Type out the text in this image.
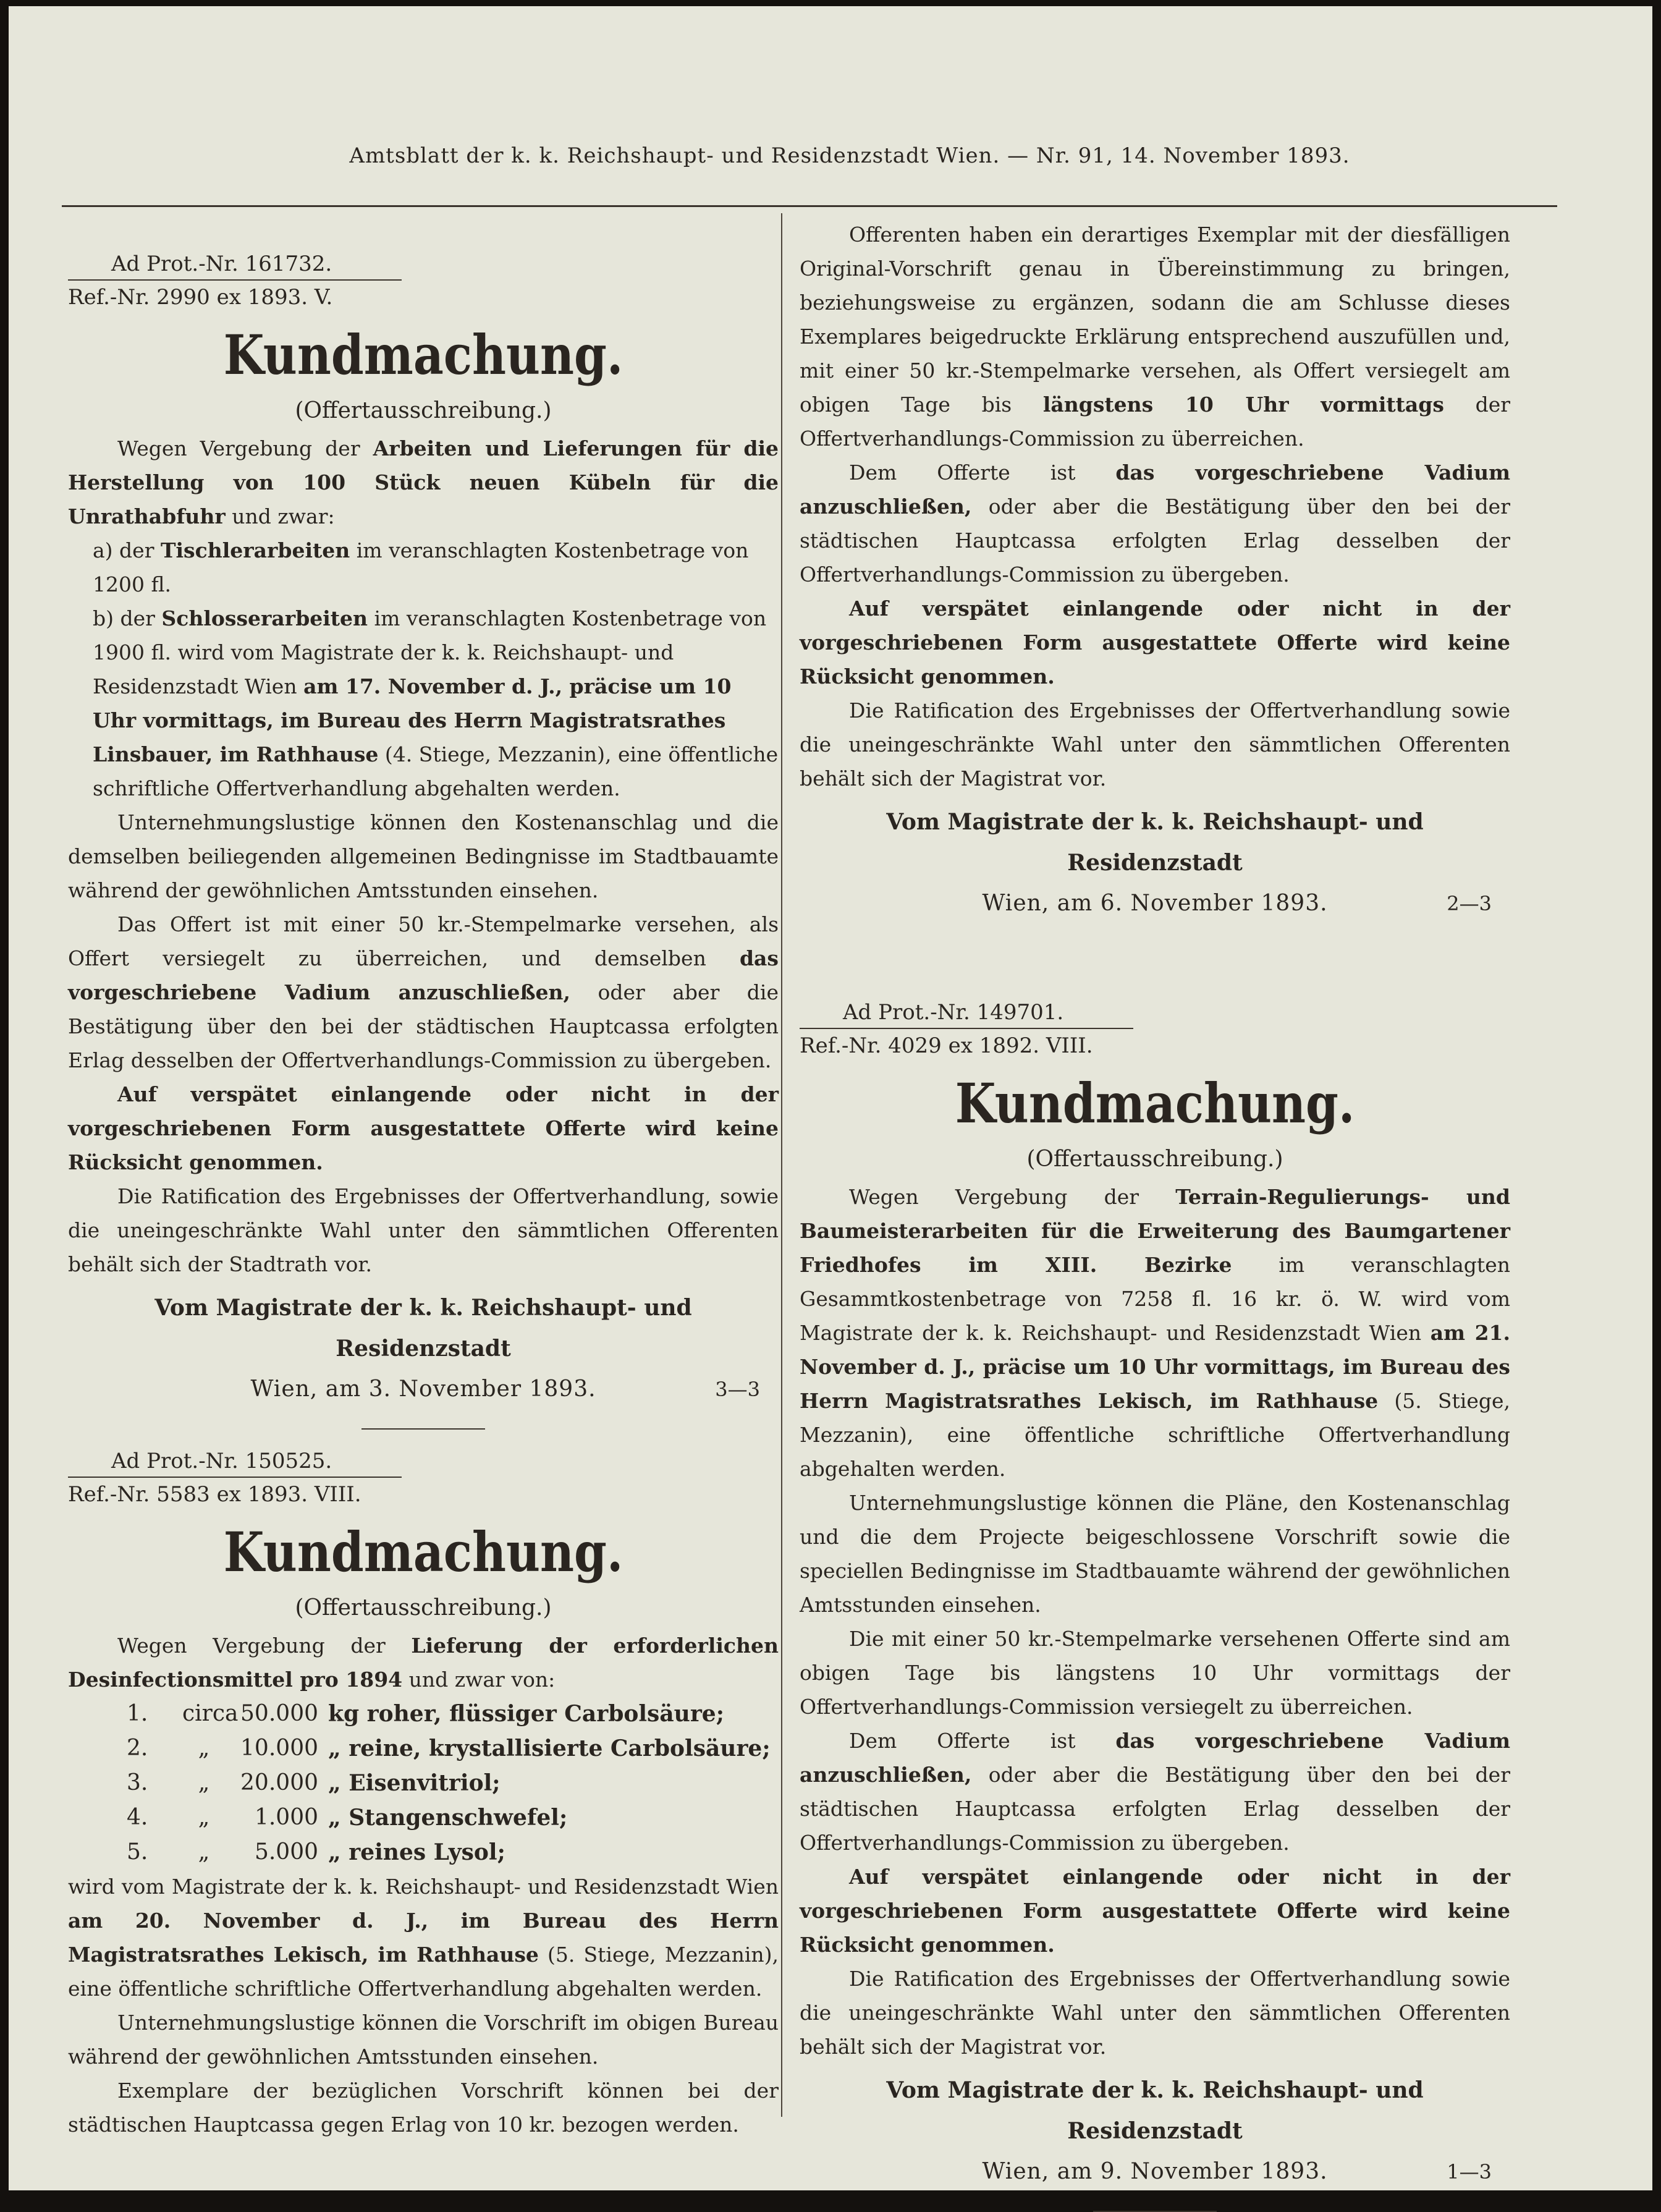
Amtsblatt der k. k. Reichshaupt- und Residenzstadt Wien. — Nr. 91, 14. November 1893.
Ad Prot.-Nr. 161732.
Ref.-Nr. 2990 ex 1893. V.
Kundmachung.
(Offertausschreibung.)

Wegen Vergebung der Arbeiten und Lieferungen für die Herstellung von 100 Stück neuen Kübeln für die Unrathabfuhr und zwar:

a) der Tischlerarbeiten im veranschlagten Kostenbetrage von 1200 fl.
b) der Schlosserarbeiten im veranschlagten Kostenbetrage von 1900 fl. wird vom Magistrate der k. k. Reichshaupt- und Residenzstadt Wien am 17. November d. J., präcise um 10 Uhr vormittags, im Bureau des Herrn Magistratsrathes Linsbauer, im Rathhause (4. Stiege, Mezzanin), eine öffentliche schriftliche Offertverhandlung abgehalten werden.

Unternehmungslustige können den Kostenanschlag und die demselben beiliegenden allgemeinen Bedingnisse im Stadtbauamte während der gewöhnlichen Amtsstunden einsehen.

Das Offert ist mit einer 50 kr.-Stempelmarke versehen, als Offert versiegelt zu überreichen, und demselben das vorgeschriebene Vadium anzuschließen, oder aber die Bestätigung über den bei der städtischen Hauptcassa erfolgten Erlag desselben der Offertverhandlungs-Commission zu übergeben.

Auf verspätet einlangende oder nicht in der vorgeschriebenen Form ausgestattete Offerte wird keine Rücksicht genommen.

Die Ratification des Ergebnisses der Offertverhandlung, sowie die uneingeschränkte Wahl unter den sämmtlichen Offerenten behält sich der Stadtrath vor.

Vom Magistrate der k. k. Reichshaupt- und Residenzstadt
Wien, am 3. November 1893.	3—3
Ad Prot.-Nr. 150525.
Ref.-Nr. 5583 ex 1893. VIII.
Kundmachung.
(Offertausschreibung.)

Wegen Vergebung der Lieferung der erforderlichen Desinfectionsmittel pro 1894 und zwar von:

1.	circa 50.000 kg roher, flüssiger Carbolsäure;
2.	„	10.000 „ reine, krystallisierte Carbolsäure;
3.	„	20.000 „ Eisenvitriol;
4.	„	1.000 „ Stangenschwefel;
5.	„	5.000 „ reines Lysol;

wird vom Magistrate der k. k. Reichshaupt- und Residenzstadt Wien am 20. November d. J., im Bureau des Herrn Magistratsrathes Lekisch, im Rathhause (5. Stiege, Mezzanin), eine öffentliche schriftliche Offertverhandlung abgehalten werden.

Unternehmungslustige können die Vorschrift im obigen Bureau während der gewöhnlichen Amtsstunden einsehen.

Exemplare der bezüglichen Vorschrift können bei der städtischen Hauptcassa gegen Erlag von 10 kr. bezogen werden.

Offerenten haben ein derartiges Exemplar mit der diesfälligen Original-Vorschrift genau in Übereinstimmung zu bringen, beziehungsweise zu ergänzen, sodann die am Schlusse dieses Exemplares beigedruckte Erklärung entsprechend auszufüllen und, mit einer 50 kr.-Stempelmarke versehen, als Offert versiegelt am obigen Tage bis längstens 10 Uhr vormittags der Offertverhandlungs-Commission zu überreichen.

Dem Offerte ist das vorgeschriebene Vadium anzuschließen, oder aber die Bestätigung über den bei der städtischen Hauptcassa erfolgten Erlag desselben der Offertverhandlungs-Commission zu übergeben.

Auf verspätet einlangende oder nicht in der vorgeschriebenen Form ausgestattete Offerte wird keine Rücksicht genommen.

Die Ratification des Ergebnisses der Offertverhandlung sowie die uneingeschränkte Wahl unter den sämmtlichen Offerenten behält sich der Magistrat vor.

Vom Magistrate der k. k. Reichshaupt- und Residenzstadt
Wien, am 6. November 1893.	2—3
Ad Prot.-Nr. 149701.
Ref.-Nr. 4029 ex 1892. VIII.
Kundmachung.
(Offertausschreibung.)

Wegen Vergebung der Terrain-Regulierungs- und Baumeisterarbeiten für die Erweiterung des Baumgartener Friedhofes im XIII. Bezirke im veranschlagten Gesammtkostenbetrage von 7258 fl. 16 kr. ö. W. wird vom Magistrate der k. k. Reichshaupt- und Residenzstadt Wien am 21. November d. J., präcise um 10 Uhr vormittags, im Bureau des Herrn Magistratsrathes Lekisch, im Rathhause (5. Stiege, Mezzanin), eine öffentliche schriftliche Offertverhandlung abgehalten werden.

Unternehmungslustige können die Pläne, den Kostenanschlag und die dem Projecte beigeschlossene Vorschrift sowie die speciellen Bedingnisse im Stadtbauamte während der gewöhnlichen Amtsstunden einsehen.

Die mit einer 50 kr.-Stempelmarke versehenen Offerte sind am obigen Tage bis längstens 10 Uhr vormittags der Offertverhandlungs-Commission versiegelt zu überreichen.

Dem Offerte ist das vorgeschriebene Vadium anzuschließen, oder aber die Bestätigung über den bei der städtischen Hauptcassa erfolgten Erlag desselben der Offertverhandlungs-Commission zu übergeben.

Auf verspätet einlangende oder nicht in der vorgeschriebenen Form ausgestattete Offerte wird keine Rücksicht genommen.

Die Ratification des Ergebnisses der Offertverhandlung sowie die uneingeschränkte Wahl unter den sämmtlichen Offerenten behält sich der Magistrat vor.

Vom Magistrate der k. k. Reichshaupt- und Residenzstadt
Wien, am 9. November 1893.	1—3
